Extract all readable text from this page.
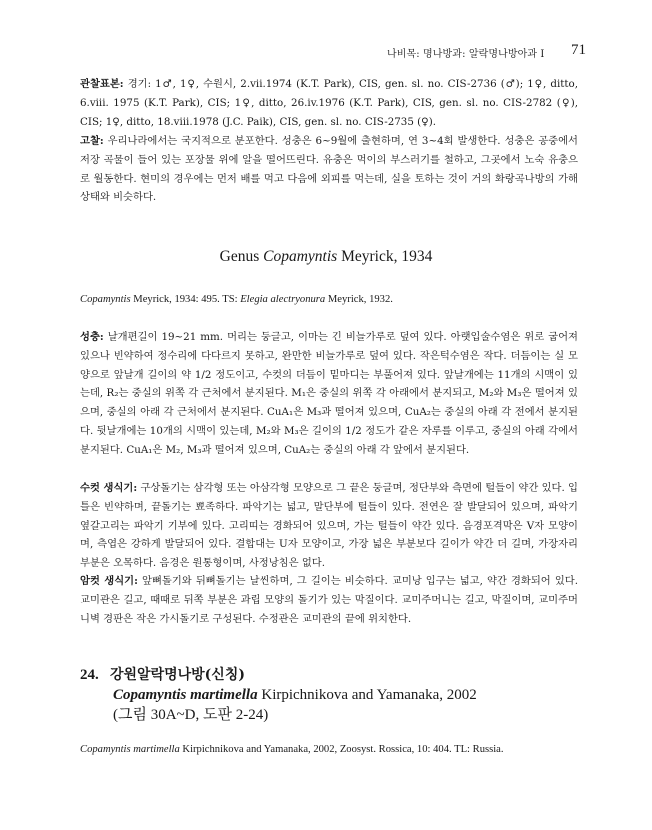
나비목: 명나방과: 알락명나방아과 I 71

관찰표본: 경기: 1♂, 1♀, 수원시, 2.vii.1974 (K.T. Park), CIS, gen. sl. no. CIS-2736 (♂); 1♀, ditto, 6.viii. 1975 (K.T. Park), CIS; 1♀, ditto, 26.iv.1976 (K.T. Park), CIS, gen. sl. no. CIS-2782 (♀), CIS; 1♀, ditto, 18.viii.1978 (J.C. Paik), CIS, gen. sl. no. CIS-2735 (♀).

고찰: 우리나라에서는 국지적으로 분포한다. 성충은 6~9월에 출현하며, 연 3~4회 발생한다. 성충은 공중에서 저장 곡물이 들어 있는 포장물 위에 알을 떨어뜨린다. 유충은 먹이의 부스러기를 철하고, 그곳에서 노숙 유충으로 월동한다. 현미의 경우에는 먼저 배를 먹고 다음에 외피를 먹는데, 실을 토하는 것이 거의 화랑곡나방의 가해 상태와 비슷하다.

Genus Copamyntis Meyrick, 1934
Copamyntis Meyrick, 1934: 495. TS: Elegia alectryonura Meyrick, 1932.

성충: 날개편길이 19~21 mm. 머리는 둥글고, 이마는 긴 비늘가루로 덮여 있다. 아랫입술수염은 위로 굽어져 있으나 빈약하여 정수리에 다다르지 못하고, 완만한 비늘가루로 덮여 있다. 작은턱수염은 작다. 더듬이는 실 모양으로 앞날개 길이의 약 1/2 정도이고, 수컷의 더듬이 밑마디는 부풀어져 있다. 앞날개에는 11개의 시맥이 있는데, R₂는 중실의 위쪽 각 근처에서 분지된다. M₁은 중실의 위쪽 각 아래에서 분지되고, M₂와 M₃은 떨어져 있으며, 중실의 아래 각 근처에서 분지된다. CuA₁은 M₃과 떨어져 있으며, CuA₂는 중실의 아래 각 전에서 분지된다. 뒷날개에는 10개의 시맥이 있는데, M₂와 M₃은 길이의 1/2 정도가 같은 자루를 이루고, 중실의 아래 각에서 분지된다. CuA₁은 M₂, M₃과 떨어져 있으며, CuA₂는 중실의 아래 각 앞에서 분지된다.

수컷 생식기: 구상돌기는 삼각형 또는 아삼각형 모양으로 그 끝은 둥글며, 정단부와 측면에 털들이 약간 있다. 입틀은 빈약하며, 끝돌기는 뾰족하다. 파악기는 넓고, 말단부에 털들이 있다. 전연은 잘 발달되어 있으며, 파악기 옆갈고리는 파악기 기부에 있다. 고리띠는 경화되어 있으며, 가는 털들이 약간 있다. 음경포격막은 V자 모양이며, 측엽은 강하게 발달되어 있다. 결합대는 U자 모양이고, 가장 넓은 부분보다 길이가 약간 더 길며, 가장자리 부분은 오목하다. 음경은 원통형이며, 사정낭침은 없다.

암컷 생식기: 앞뼈돌기와 뒤뼈돌기는 날씬하며, 그 길이는 비슷하다. 교미낭 입구는 넓고, 약간 경화되어 있다. 교미관은 길고, 때때로 뒤쪽 부분은 과립 모양의 돌기가 있는 막질이다. 교미주머니는 길고, 막질이며, 교미주머니벽 경판은 작은 가시돌기로 구성된다. 수정관은 교미관의 끝에 위치한다.

24. 강원알락명나방(신칭)
Copamyntis martimella Kirpichnikova and Yamanaka, 2002
(그림 30A~D, 도판 2-24)
Copamyntis martimella Kirpichnikova and Yamanaka, 2002, Zoosyst. Rossica, 10: 404. TL: Russia.
